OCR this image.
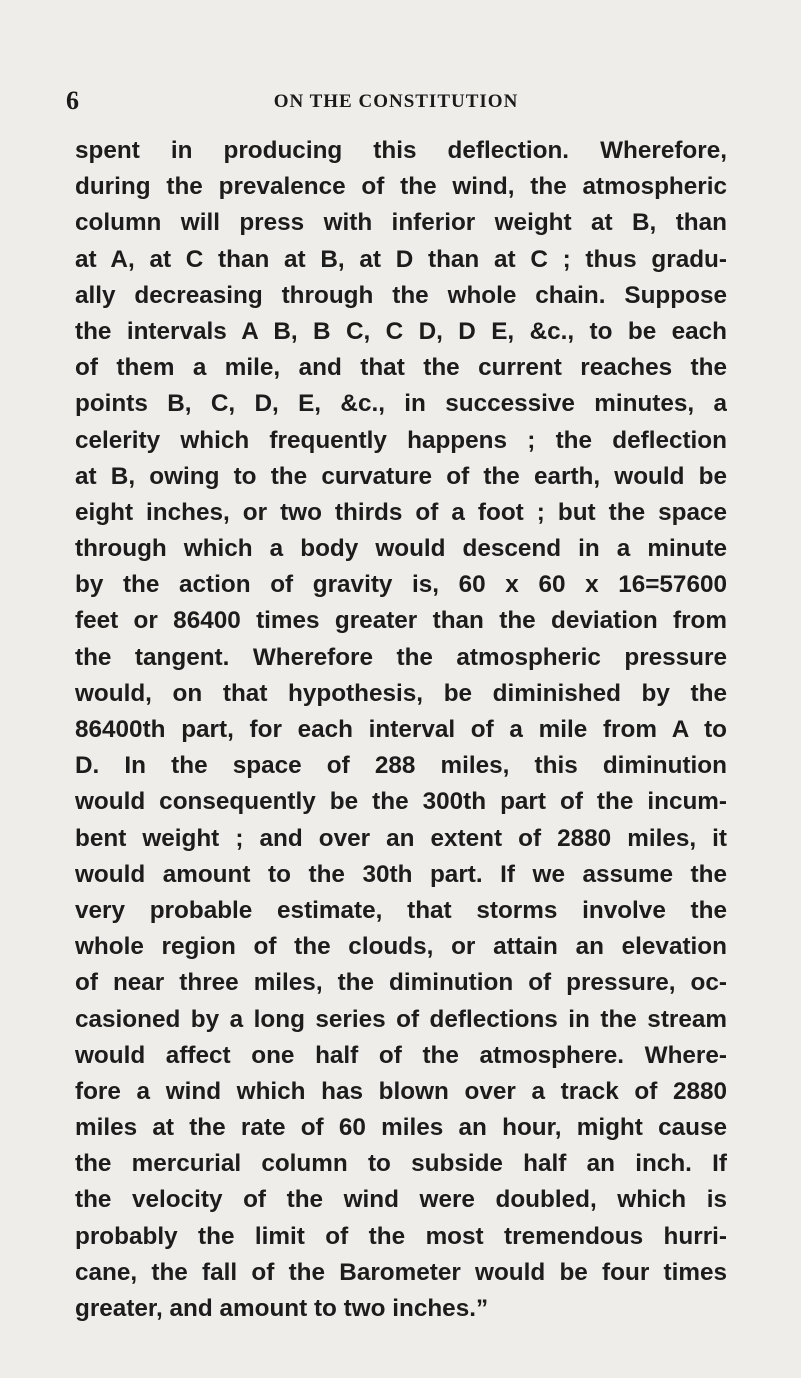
6	ON THE CONSTITUTION
spent in producing this deflection. Wherefore,
during the prevalence of the wind, the atmospheric
column will press with inferior weight at B, than
at A, at C than at B, at D than at C ; thus gradu-
ally decreasing through the whole chain. Suppose
the intervals A B, B C, C D, D E, &c., to be each
of them a mile, and that the current reaches the
points B, C, D, E, &c., in successive minutes, a
celerity which frequently happens ; the deflection
at B, owing to the curvature of the earth, would be
eight inches, or two thirds of a foot ; but the space
through which a body would descend in a minute
by the action of gravity is, 60 x 60 x 16=57600
feet or 86400 times greater than the deviation from
the tangent. Wherefore the atmospheric pressure
would, on that hypothesis, be diminished by the
86400th part, for each interval of a mile from A to
D. In the space of 288 miles, this diminution
would consequently be the 300th part of the incum-
bent weight ; and over an extent of 2880 miles, it
would amount to the 30th part. If we assume the
very probable estimate, that storms involve the
whole region of the clouds, or attain an elevation
of near three miles, the diminution of pressure, oc-
casioned by a long series of deflections in the stream
would affect one half of the atmosphere. Where-
fore a wind which has blown over a track of 2880
miles at the rate of 60 miles an hour, might cause
the mercurial column to subside half an inch. If
the velocity of the wind were doubled, which is
probably the limit of the most tremendous hurri-
cane, the fall of the Barometer would be four times
greater, and amount to two inches.”
